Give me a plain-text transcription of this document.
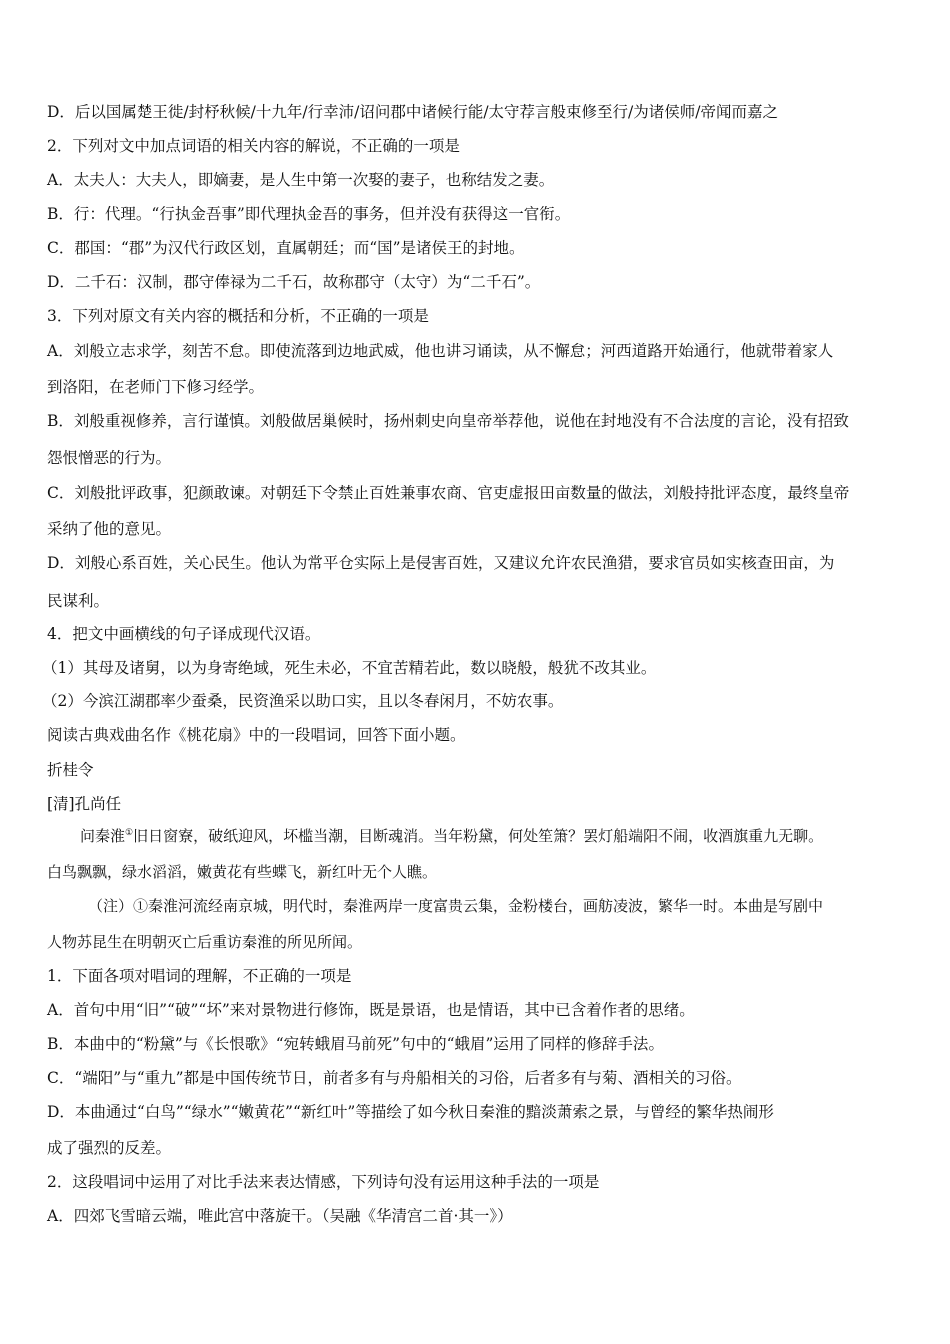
D．后以国属楚王徙/封杼秋候/十九年/行幸沛/诏问郡中诸候行能/太守荐言般束修至行/为诸侯师/帝闻而嘉之
2．下列对文中加点词语的相关内容的解说，不正确的一项是
A．太夫人：大夫人，即嫡妻，是人生中第一次娶的妻子，也称结发之妻。
B．行：代理。“行执金吾事”即代理执金吾的事务，但并没有获得这一官衔。
C．郡国：“郡”为汉代行政区划，直属朝廷；而“国”是诸侯王的封地。
D．二千石：汉制，郡守俸禄为二千石，故称郡守（太守）为“二千石”。
3．下列对原文有关内容的概括和分析，不正确的一项是
A．刘般立志求学，刻苦不怠。即使流落到边地武威，他也讲习诵读，从不懈怠；河西道路开始通行，他就带着家人
到洛阳，在老师门下修习经学。
B．刘般重视修养，言行谨慎。刘般做居巢候时，扬州刺史向皇帝举荐他，说他在封地没有不合法度的言论，没有招致
怨恨憎恶的行为。
C．刘般批评政事，犯颜敢谏。对朝廷下令禁止百姓兼事农商、官吏虚报田亩数量的做法，刘般持批评态度，最终皇帝
采纳了他的意见。
D．刘般心系百姓，关心民生。他认为常平仓实际上是侵害百姓，又建议允许农民渔猎，要求官员如实核查田亩，为
民谋利。
4．把文中画横线的句子译成现代汉语。
（1）其母及诸舅，以为身寄绝域，死生未必，不宜苦精若此，数以晓般，般犹不改其业。
（2）今滨江湖郡率少蚕桑，民资渔采以助口实，且以冬春闲月，不妨农事。
阅读古典戏曲名作《桃花扇》中的一段唱词，回答下面小题。
折桂令
[清]孔尚任
问秦淮①旧日窗寮，破纸迎风，坏槛当潮，目断魂消。当年粉黛，何处笙箫？罢灯船端阳不闹，收酒旗重九无聊。
白鸟飘飘，绿水滔滔，嫩黄花有些蝶飞，新红叶无个人瞧。
（注）①秦淮河流经南京城，明代时，秦淮两岸一度富贵云集，金粉楼台，画舫凌波，繁华一时。本曲是写剧中
人物苏昆生在明朝灭亡后重访秦淮的所见所闻。
1．下面各项对唱词的理解，不正确的一项是
A．首句中用“旧”“破”“坏”来对景物进行修饰，既是景语，也是情语，其中已含着作者的思绪。
B．本曲中的“粉黛”与《长恨歌》“宛转蛾眉马前死”句中的“蛾眉”运用了同样的修辞手法。
C．“端阳”与“重九”都是中国传统节日，前者多有与舟船相关的习俗，后者多有与菊、酒相关的习俗。
D．本曲通过“白鸟”“绿水”“嫩黄花”“新红叶”等描绘了如今秋日秦淮的黯淡萧索之景，与曾经的繁华热闹形
成了强烈的反差。
2．这段唱词中运用了对比手法来表达情感，下列诗句没有运用这种手法的一项是
A．四郊飞雪暗云端，唯此宫中落旋干。（吴融《华清宫二首·其一》）
